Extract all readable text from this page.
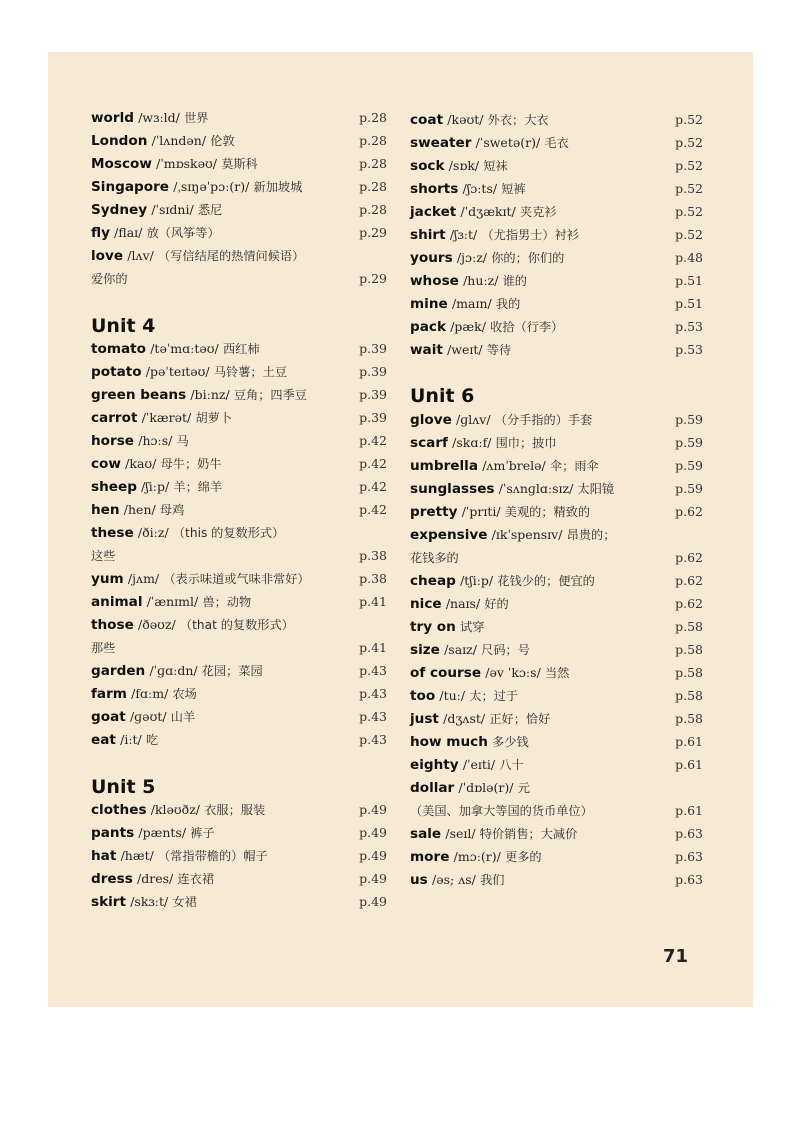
world /wɜːld/ 世界	p.28
London /ˈlʌndən/ 伦敦	p.28
Moscow /ˈmɒskəʊ/ 莫斯科	p.28
Singapore /ˌsɪŋəˈpɔː(r)/ 新加坡城	p.28
Sydney /ˈsɪdni/ 悉尼	p.28
fly /flaɪ/ 放（风筝等）	p.29
love /lʌv/ （写信结尾的热情问候语）
爱你的	p.29
Unit 4
tomato /təˈmɑːtəʊ/ 西红柿	p.39
potato /pəˈteɪtəʊ/ 马铃薯；土豆	p.39
green beans /biːnz/ 豆角；四季豆	p.39
carrot /ˈkærət/ 胡萝卜	p.39
horse /hɔːs/ 马	p.42
cow /kaʊ/ 母牛；奶牛	p.42
sheep /ʃiːp/ 羊；绵羊	p.42
hen /hen/ 母鸡	p.42
these /ðiːz/ （this 的复数形式）
这些	p.38
yum /jʌm/ （表示味道或气味非常好）	p.38
animal /ˈænɪml/ 兽；动物	p.41
those /ðəʊz/ （that 的复数形式）
那些	p.41
garden /ˈɡɑːdn/ 花园；菜园	p.43
farm /fɑːm/ 农场	p.43
goat /ɡəʊt/ 山羊	p.43
eat /iːt/ 吃	p.43
Unit 5
clothes /kləʊðz/ 衣服；服装	p.49
pants /pænts/ 裤子	p.49
hat /hæt/ （常指带檐的）帽子	p.49
dress /dres/ 连衣裙	p.49
skirt /skɜːt/ 女裙	p.49
coat /kəʊt/ 外衣；大衣	p.52
sweater /ˈswetə(r)/ 毛衣	p.52
sock /sɒk/ 短袜	p.52
shorts /ʃɔːts/ 短裤	p.52
jacket /ˈdʒækɪt/ 夹克衫	p.52
shirt /ʃɜːt/ （尤指男士）衬衫	p.52
yours /jɔːz/ 你的；你们的	p.48
whose /huːz/ 谁的	p.51
mine /maɪn/ 我的	p.51
pack /pæk/ 收拾（行李）	p.53
wait /weɪt/ 等待	p.53
Unit 6
glove /ɡlʌv/ （分手指的）手套	p.59
scarf /skɑːf/ 围巾；披巾	p.59
umbrella /ʌmˈbrelə/ 伞；雨伞	p.59
sunglasses /ˈsʌnɡlɑːsɪz/ 太阳镜	p.59
pretty /ˈprɪti/ 美观的；精致的	p.62
expensive /ɪkˈspensɪv/ 昂贵的；
花钱多的	p.62
cheap /tʃiːp/ 花钱少的；便宜的	p.62
nice /naɪs/ 好的	p.62
try on 试穿	p.58
size /saɪz/ 尺码；号	p.58
of course /əv ˈkɔːs/ 当然	p.58
too /tuː/ 太；过于	p.58
just /dʒʌst/ 正好；恰好	p.58
how much 多少钱	p.61
eighty /ˈeɪti/ 八十	p.61
dollar /ˈdɒlə(r)/ 元
（美国、加拿大等国的货币单位）	p.61
sale /seɪl/ 特价销售；大减价	p.63
more /mɔː(r)/ 更多的	p.63
us /əs; ʌs/ 我们	p.63
71
